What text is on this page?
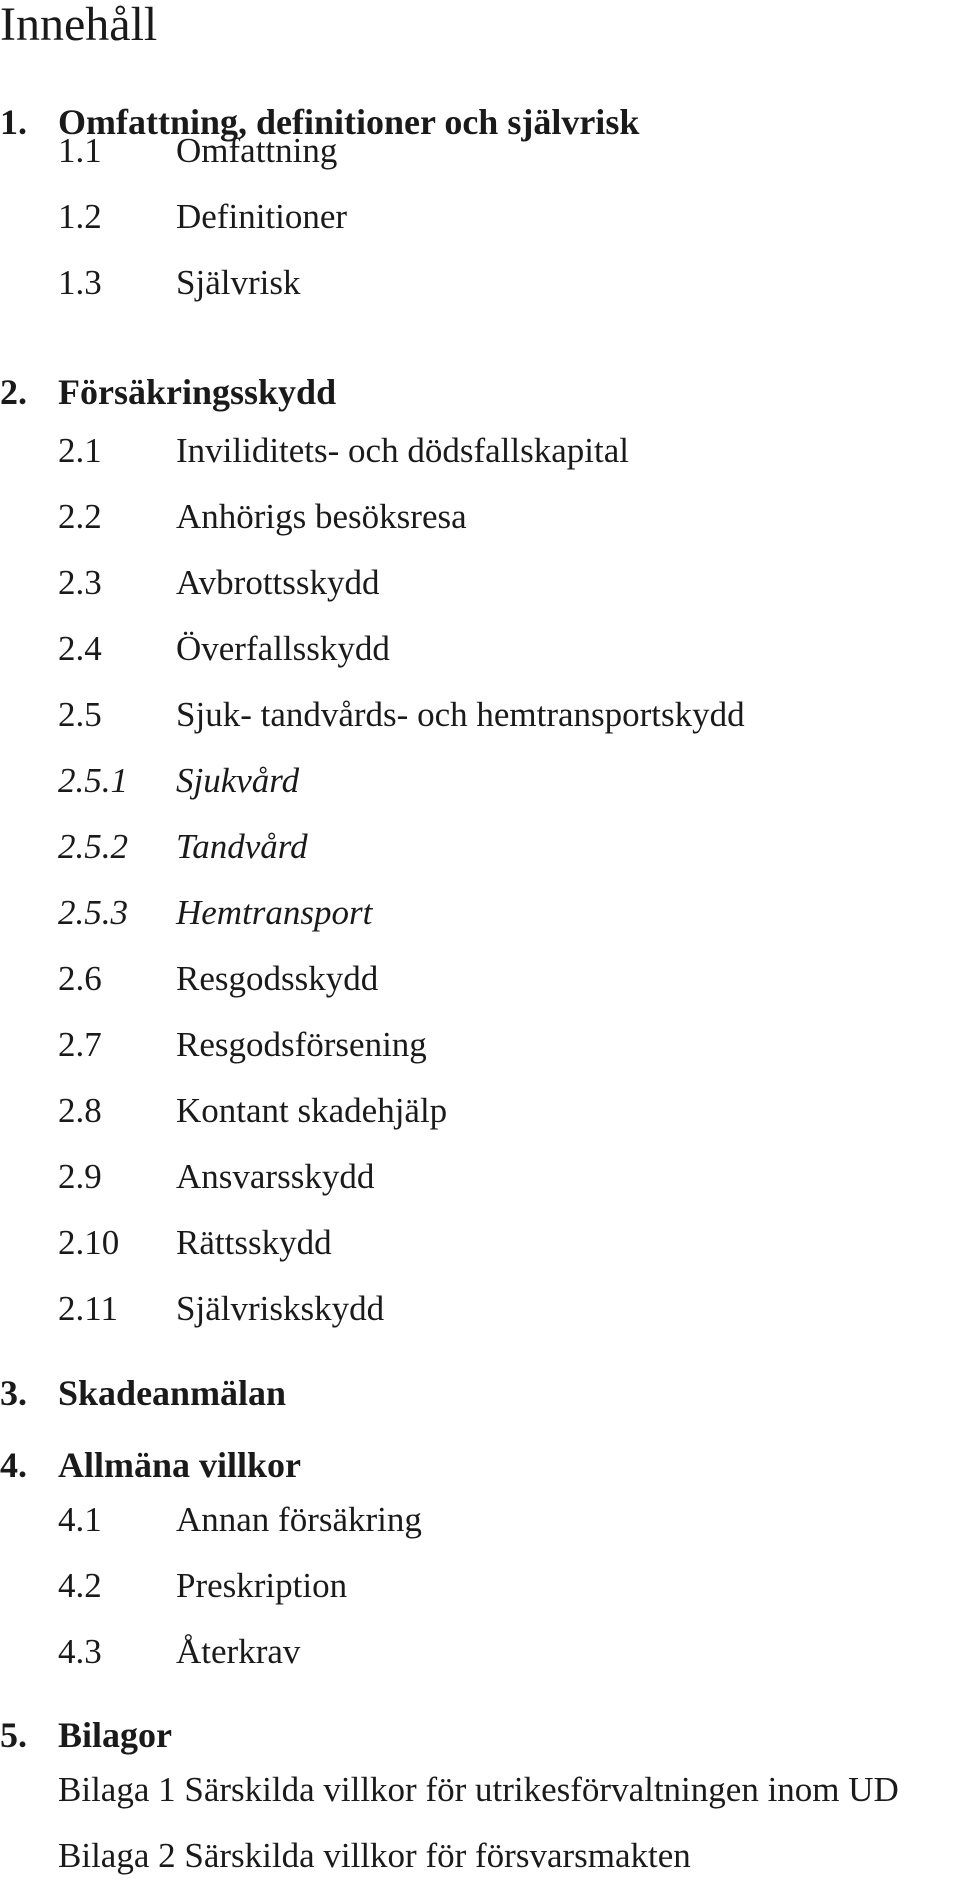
Innehåll
1. Omfattning, definitioner och självrisk
1.1 Omfattning
1.2 Definitioner
1.3 Självrisk
2. Försäkringsskydd
2.1 Inviliditets- och dödsfallskapital
2.2 Anhörigs besöksresa
2.3 Avbrottsskydd
2.4 Överfallsskydd
2.5 Sjuk- tandvårds- och hemtransportskydd
2.5.1 Sjukvård
2.5.2 Tandvård
2.5.3 Hemtransport
2.6 Resgodsskydd
2.7 Resgodsförsening
2.8 Kontant skadehjälp
2.9 Ansvarsskydd
2.10 Rättsskydd
2.11 Självriskskydd
3. Skadeanmälan
4. Allmäna villkor
4.1 Annan försäkring
4.2 Preskription
4.3 Återkrav
5. Bilagor
Bilaga 1 Särskilda villkor för utrikesförvaltningen inom UD
Bilaga 2 Särskilda villkor för försvarsmakten
